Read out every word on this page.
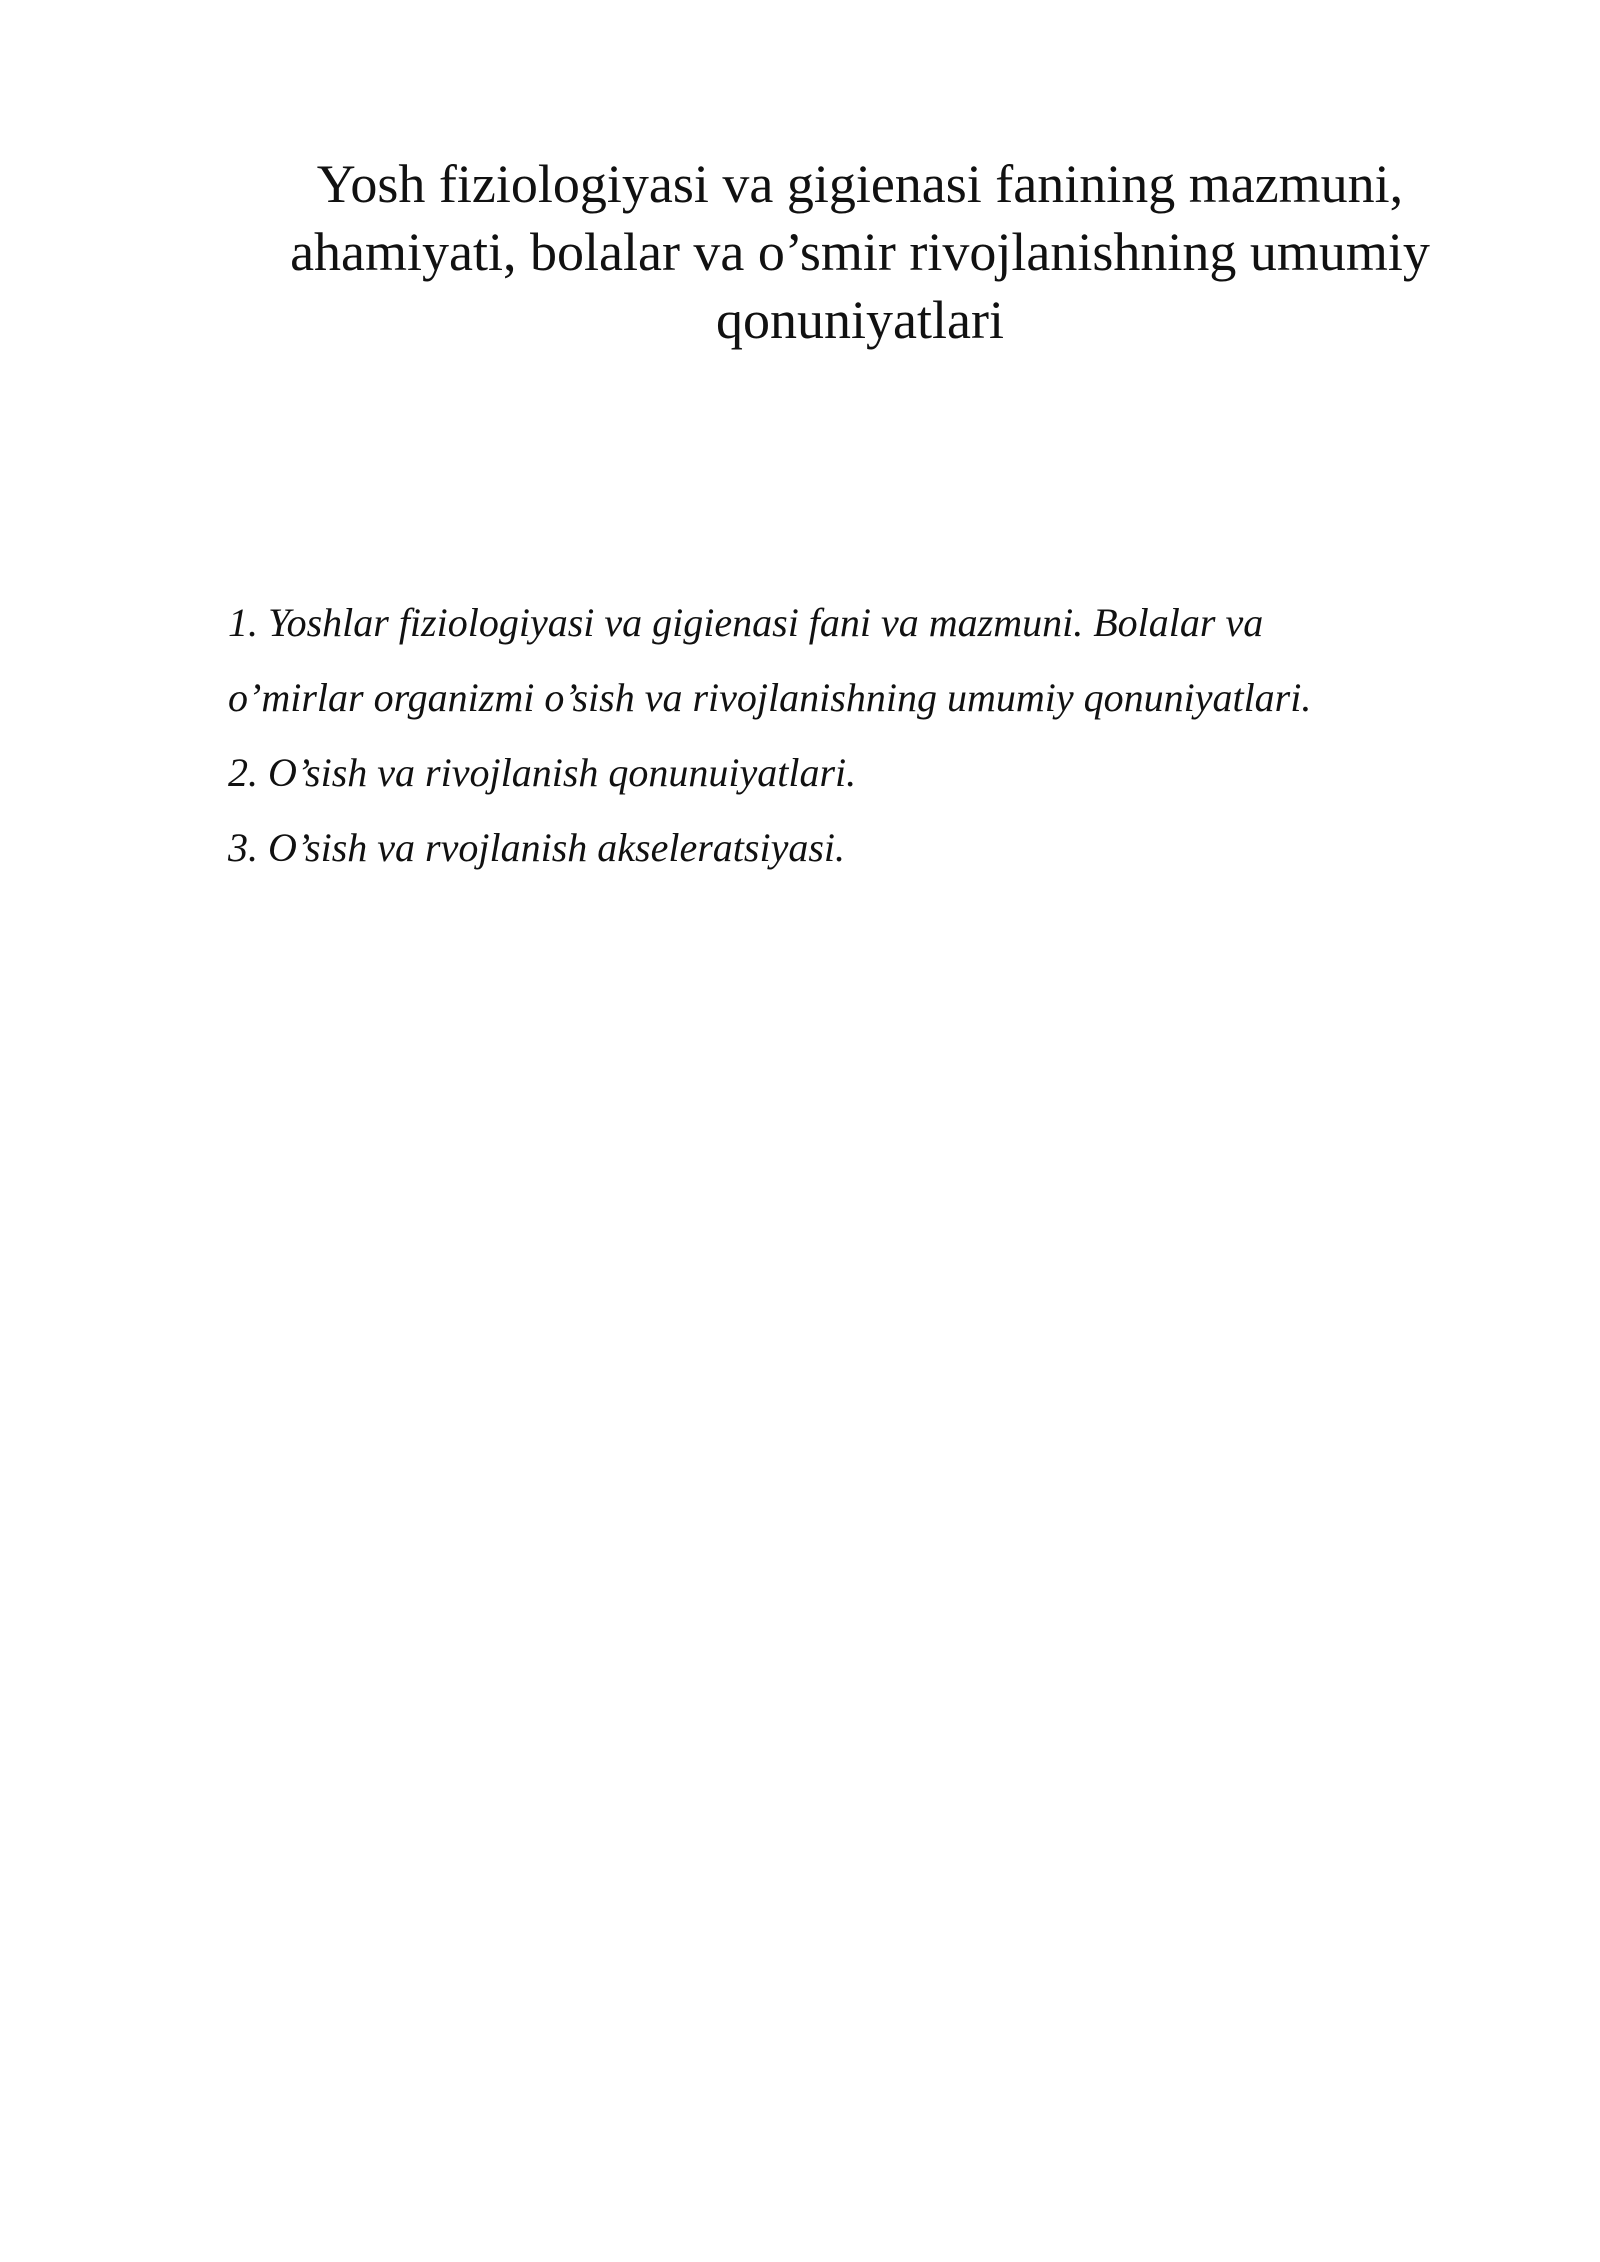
Yosh fiziologiyasi va gigienasi fanining mazmuni,
ahamiyati, bolalar va o’smir rivojlanishning umumiy
qonuniyatlari
1. Yoshlar fiziologiyasi va gigienasi fani va mazmuni. Bolalar va
o’mirlar organizmi o’sish va rivojlanishning umumiy qonuniyatlari.
2. O’sish va rivojlanish qonunuiyatlari.
3. O’sish va rvojlanish akseleratsiyasi.
